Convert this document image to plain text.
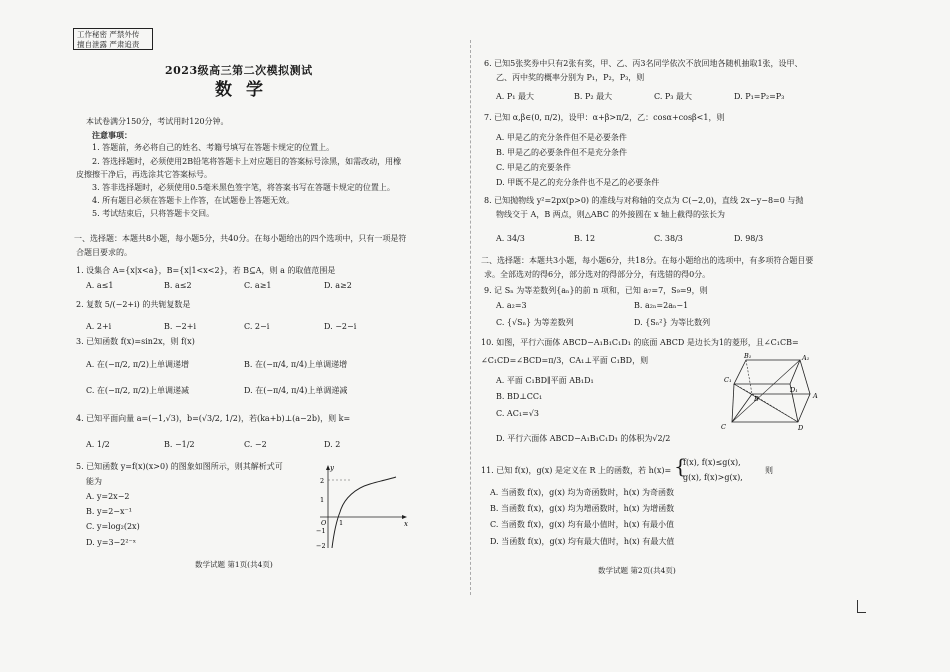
工作秘密 严禁外传
擅自泄露 严肃追责
2023级高三第二次模拟测试
数学
本试卷满分150分，考试用时120分钟。
注意事项：
1. 答题前，务必将自己的姓名、考籍号填写在答题卡规定的位置上。
2. 答选择题时，必须使用2B铅笔将答题卡上对应题目的答案标号涂黑，如需改动，用橡
皮擦擦干净后，再选涂其它答案标号。
3. 答非选择题时，必须使用0.5毫米黑色签字笔，将答案书写在答题卡规定的位置上。
4. 所有题目必须在答题卡上作答，在试题卷上答题无效。
5. 考试结束后，只将答题卡交回。
一、选择题：本题共8小题，每小题5分，共40分。在每小题给出的四个选项中，只有一项是符
合题目要求的。
1. 设集合 A={x|x<a}，B={x|1<x<2}，若 B⊆A，则 a 的取值范围是
A. a≤1	B. a≤2	C. a≥1	D. a≥2
2. 复数 5/(−2+i) 的共轭复数是
A. 2+i	B. −2+i	C. 2−i	D. −2−i
3. 已知函数 f(x)=sin2x，则 f(x)
A. 在(−π/2, π/2)上单调递增	B. 在(−π/4, π/4)上单调递增
C. 在(−π/2, π/2)上单调递减	D. 在(−π/4, π/4)上单调递减
4. 已知平面向量 a=(−1,√3)，b=(√3/2, 1/2)，若(ka+b)⊥(a−2b)，则 k=
A. 1/2	B. −1/2	C. −2	D. 2
5. 已知函数 y=f(x)(x>0) 的图象如图所示，则其解析式可
能为
A. y=2x−2
B. y=2−x⁻¹
C. y=log₂(2x)
D. y=3−2²⁻ˣ
y
x
2
1
−1
−2
O 1
数学试题 第1页(共4页)
6. 已知5张奖券中只有2张有奖，甲、乙、丙3名同学依次不放回地各随机抽取1张，设甲、
乙、丙中奖的概率分别为 P₁，P₂，P₃，则
A. P₁ 最大	B. P₂ 最大	C. P₃ 最大	D. P₁=P₂=P₃
7. 已知 α,β∈(0, π/2)，设甲：α+β>π/2，乙：cosα+cosβ<1，则
A. 甲是乙的充分条件但不是必要条件
B. 甲是乙的必要条件但不是充分条件
C. 甲是乙的充要条件
D. 甲既不是乙的充分条件也不是乙的必要条件
8. 已知抛物线 y²=2px(p>0) 的准线与对称轴的交点为 C(−2,0)，直线 2x−y−8=0 与抛
物线交于 A，B 两点，则△ABC 的外接圆在 x 轴上截得的弦长为
A. 34/3	B. 12	C. 38/3	D. 98/3
二、选择题：本题共3小题，每小题6分，共18分。在每小题给出的选项中，有多项符合题目要
求。全部选对的得6分，部分选对的得部分分，有选错的得0分。
9. 记 Sₙ 为等差数列{aₙ}的前 n 项和，已知 a₇=7，S₉=9，则
A. a₂=3	B. a₂ₙ=2aₙ−1
C. {√Sₙ} 为等差数列	D. {Sₙ²} 为等比数列
10. 如图，平行六面体 ABCD−A₁B₁C₁D₁ 的底面 ABCD 是边长为1的菱形，且∠C₁CB=
∠C₁CD=∠BCD=π/3，CA₁⊥平面 C₁BD，则
A. 平面 C₁BD∥平面 AB₁D₁
B. BD⊥CC₁
C. AC₁=√3
D. 平行六面体 ABCD−A₁B₁C₁D₁ 的体积为√2/2
B₁
C₁
A₁
D₁
B
C
A
D
11. 已知 f(x)，g(x) 是定义在 R 上的函数，若 h(x)= {
f(x), f(x)≤g(x),
g(x), f(x)>g(x),
则
A. 当函数 f(x)，g(x) 均为奇函数时，h(x) 为奇函数
B. 当函数 f(x)，g(x) 均为增函数时，h(x) 为增函数
C. 当函数 f(x)，g(x) 均有最小值时，h(x) 有最小值
D. 当函数 f(x)，g(x) 均有最大值时，h(x) 有最大值
数学试题 第2页(共4页)
